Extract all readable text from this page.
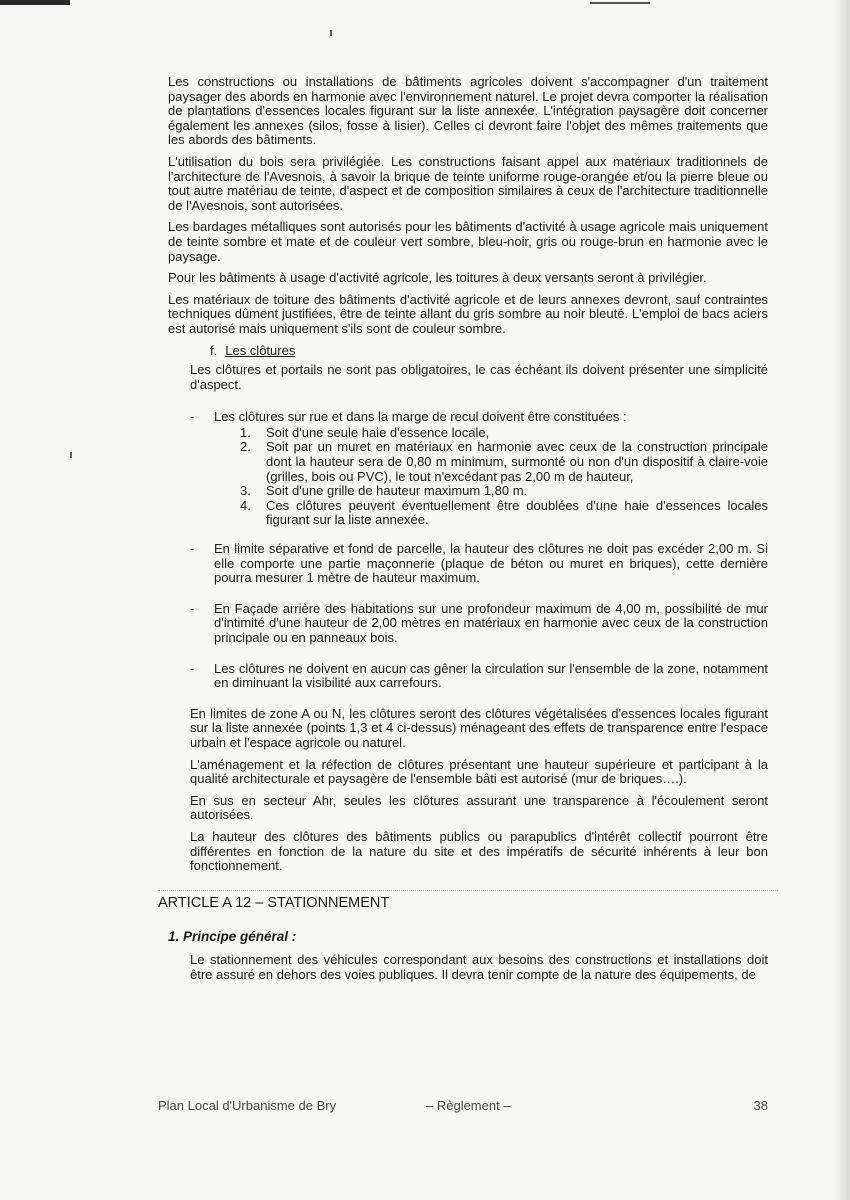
Les constructions ou installations de bâtiments agricoles doivent s'accompagner d'un traitement paysager des abords en harmonie avec l'environnement naturel. Le projet devra comporter la réalisation de plantations d'essences locales figurant sur la liste annexée. L'intégration paysagère doit concerner également les annexes (silos, fosse à lisier). Celles ci devront faire l'objet des mêmes traitements que les abords des bâtiments.

L'utilisation du bois sera privilégiée. Les constructions faisant appel aux matériaux traditionnels de l'architecture de l'Avesnois, à savoir la brique de teinte uniforme rouge-orangée et/ou la pierre bleue ou tout autre matériau de teinte, d'aspect et de composition similaires à ceux de l'architecture traditionnelle de l'Avesnois, sont autorisées.

Les bardages métalliques sont autorisés pour les bâtiments d'activité à usage agricole mais uniquement de teinte sombre et mate et de couleur vert sombre, bleu-noir, gris ou rouge-brun en harmonie avec le paysage.

Pour les bâtiments à usage d'activité agricole, les toitures à deux versants seront à privilégier.

Les matériaux de toiture des bâtiments d'activité agricole et de leurs annexes devront, sauf contraintes techniques dûment justifiées, être de teinte allant du gris sombre au noir bleuté. L'emploi de bacs aciers est autorisé mais uniquement s'ils sont de couleur sombre.

f. Les clôtures

Les clôtures et portails ne sont pas obligatoires, le cas échéant ils doivent présenter une simplicité d'aspect.

- Les clôtures sur rue et dans la marge de recul doivent être constituées :
1. Soit d'une seule haie d'essence locale,
2. Soit par un muret en matériaux en harmonie avec ceux de la construction principale dont la hauteur sera de 0,80 m minimum, surmonté ou non d'un dispositif à claire-voie (grilles, bois ou PVC), le tout n'excédant pas 2,00 m de hauteur,
3. Soit d'une grille de hauteur maximum 1,80 m.
4. Ces clôtures peuvent éventuellement être doublées d'une haie d'essences locales figurant sur la liste annexée.
- En limite séparative et fond de parcelle, la hauteur des clôtures ne doit pas excéder 2,00 m. Si elle comporte une partie maçonnerie (plaque de béton ou muret en briques), cette dernière pourra mesurer 1 mètre de hauteur maximum.
- En Façade arrière des habitations sur une profondeur maximum de 4,00 m, possibilité de mur d'intimité d'une hauteur de 2,00 mètres en matériaux en harmonie avec ceux de la construction principale ou en panneaux bois.
- Les clôtures ne doivent en aucun cas gêner la circulation sur l'ensemble de la zone, notamment en diminuant la visibilité aux carrefours.

En limites de zone A ou N, les clôtures seront des clôtures végétalisées d'essences locales figurant sur la liste annexée (points 1,3 et 4 ci-dessus) ménageant des effets de transparence entre l'espace urbain et l'espace agricole ou naturel.

L'aménagement et la réfection de clôtures présentant une hauteur supérieure et participant à la qualité architecturale et paysagère de l'ensemble bâti est autorisé (mur de briques….).

En sus en secteur Ahr, seules les clôtures assurant une transparence à l'écoulement seront autorisées.

La hauteur des clôtures des bâtiments publics ou parapublics d'intérêt collectif pourront être différentes en fonction de la nature du site et des impératifs de sécurité inhérents à leur bon fonctionnement.

ARTICLE A 12 – STATIONNEMENT
1. Principe général :

Le stationnement des véhicules correspondant aux besoins des constructions et installations doit être assuré en dehors des voies publiques. Il devra tenir compte de la nature des équipements, de

Plan Local d'Urbanisme de Bry	– Règlement –	38
